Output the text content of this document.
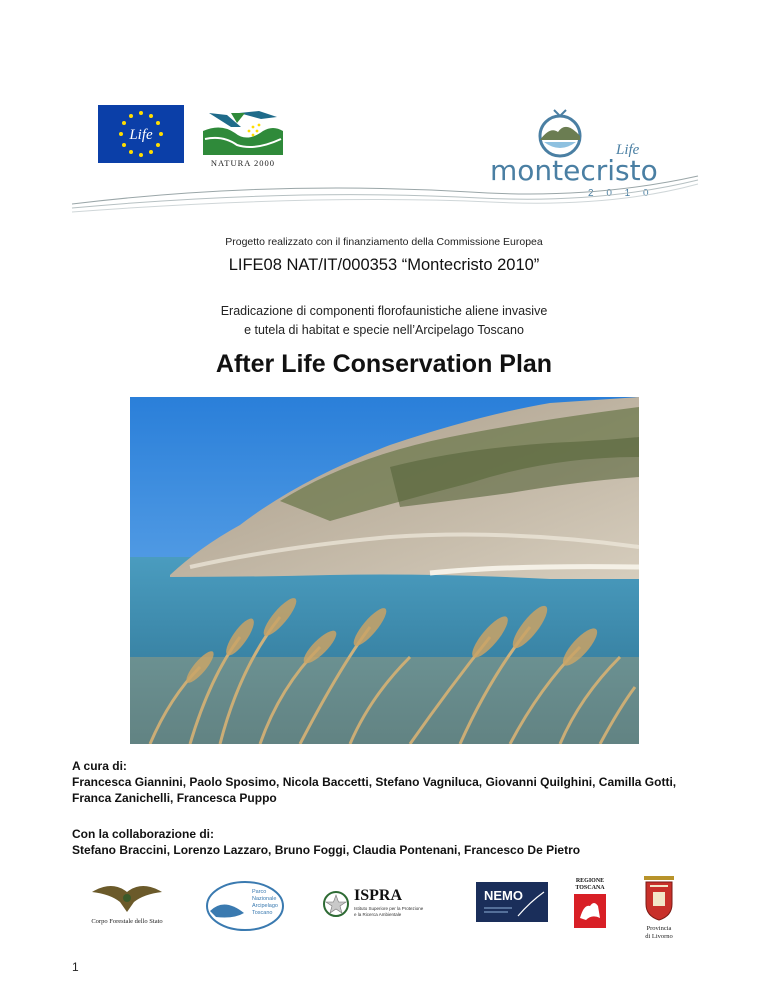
Life
NATURA 2000
Life
montecristo
2 0 1 0
Progetto realizzato con il finanziamento della Commissione Europea
LIFE08 NAT/IT/000353 “Montecristo 2010”
Eradicazione di componenti florofaunistiche aliene invasive
e tutela di habitat e specie nell’Arcipelago Toscano
After Life Conservation Plan
A cura di:
Francesca Giannini, Paolo Sposimo, Nicola Baccetti, Stefano Vagniluca, Giovanni Quilghini, Camilla Gotti,
Franca Zanichelli, Francesca Puppo
Con la collaborazione di:
Stefano Braccini, Lorenzo Lazzaro, Bruno Foggi, Claudia Pontenani, Francesco De Pietro
Corpo Forestale dello Stato
Parco
Nazionale
Arcipelago
Toscano
ISPRA
Istituto Superiore per la Protezione
e la Ricerca Ambientale
NEMO
REGIONE
TOSCANA
Provincia
di Livorno
1
